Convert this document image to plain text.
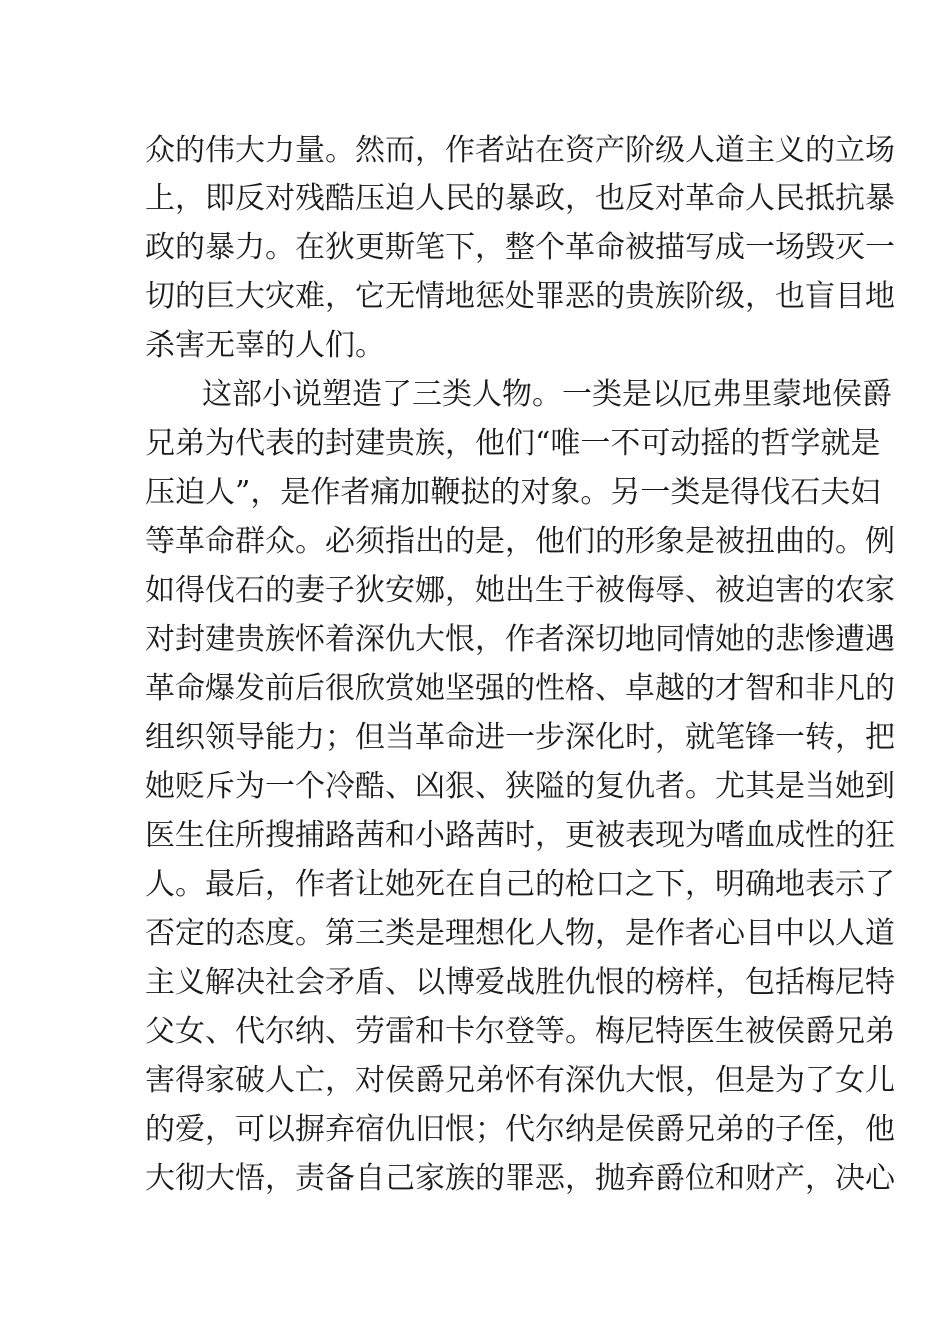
众的伟大力量。然而，作者站在资产阶级人道主义的立场
上，即反对残酷压迫人民的暴政，也反对革命人民抵抗暴
政的暴力。在狄更斯笔下，整个革命被描写成一场毁灭一
切的巨大灾难，它无情地惩处罪恶的贵族阶级，也盲目地
杀害无辜的人们。
这部小说塑造了三类人物。一类是以厄弗里蒙地侯爵
兄弟为代表的封建贵族，他们“唯一不可动摇的哲学就是
压迫人”，是作者痛加鞭挞的对象。另一类是得伐石夫妇
等革命群众。必须指出的是，他们的形象是被扭曲的。例
如得伐石的妻子狄安娜，她出生于被侮辱、被迫害的农家
对封建贵族怀着深仇大恨，作者深切地同情她的悲惨遭遇
革命爆发前后很欣赏她坚强的性格、卓越的才智和非凡的
组织领导能力；但当革命进一步深化时，就笔锋一转，把
她贬斥为一个冷酷、凶狠、狭隘的复仇者。尤其是当她到
医生住所搜捕路茜和小路茜时，更被表现为嗜血成性的狂
人。最后，作者让她死在自己的枪口之下，明确地表示了
否定的态度。第三类是理想化人物，是作者心目中以人道
主义解决社会矛盾、以博爱战胜仇恨的榜样，包括梅尼特
父女、代尔纳、劳雷和卡尔登等。梅尼特医生被侯爵兄弟
害得家破人亡，对侯爵兄弟怀有深仇大恨，但是为了女儿
的爱，可以摒弃宿仇旧恨；代尔纳是侯爵兄弟的子侄，他
大彻大悟，责备自己家族的罪恶，抛弃爵位和财产，决心
